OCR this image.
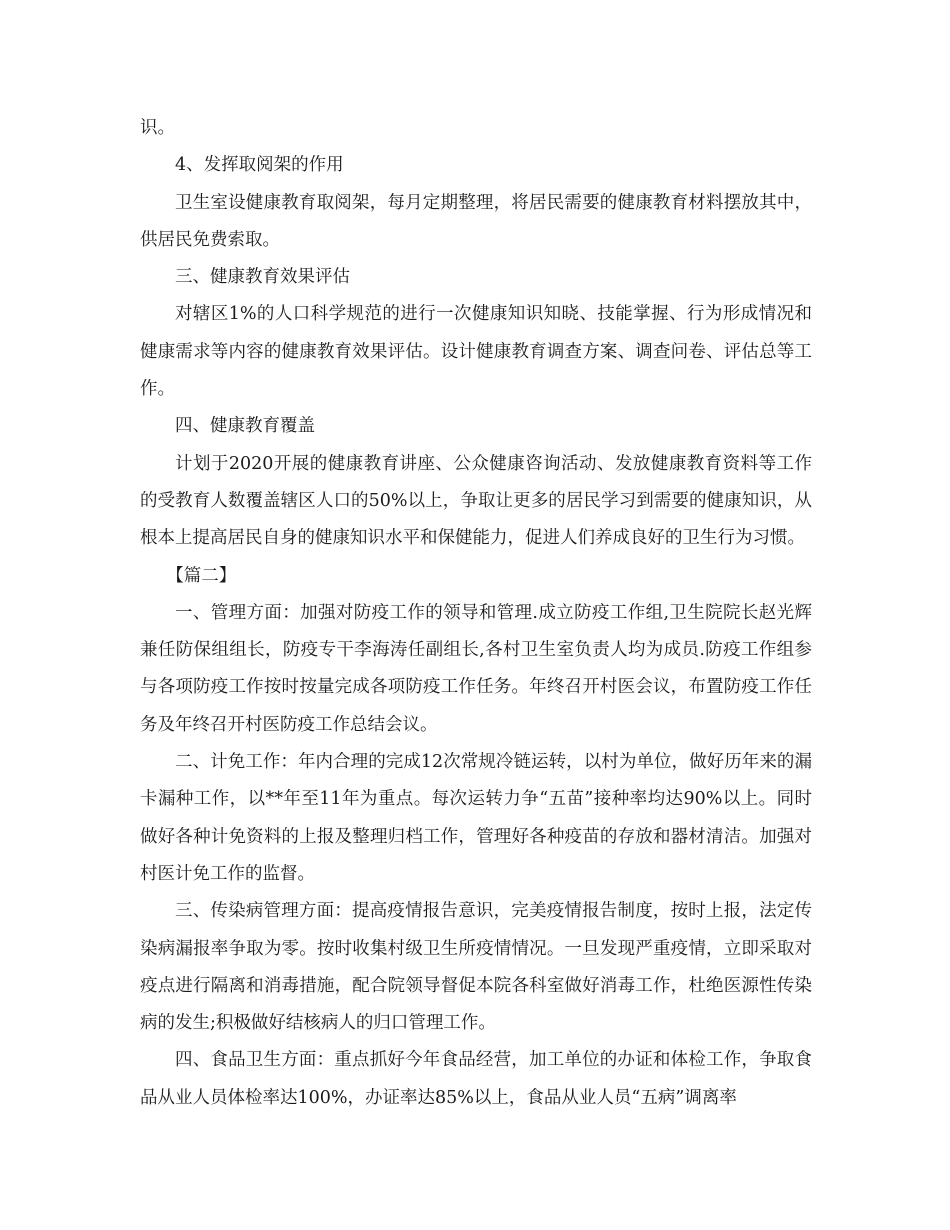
识。

4、发挥取阅架的作用

卫生室设健康教育取阅架，每月定期整理，将居民需要的健康教育材料摆放其中，供居民免费索取。

三、健康教育效果评估

对辖区1%的人口科学规范的进行一次健康知识知晓、技能掌握、行为形成情况和健康需求等内容的健康教育效果评估。设计健康教育调查方案、调查问卷、评估总等工作。

四、健康教育覆盖

计划于2020开展的健康教育讲座、公众健康咨询活动、发放健康教育资料等工作的受教育人数覆盖辖区人口的50%以上，争取让更多的居民学习到需要的健康知识，从根本上提高居民自身的健康知识水平和保健能力，促进人们养成良好的卫生行为习惯。

【篇二】

一、管理方面：加强对防疫工作的领导和管理.成立防疫工作组,卫生院院长赵光辉兼任防保组组长，防疫专干李海涛任副组长,各村卫生室负责人均为成员.防疫工作组参与各项防疫工作按时按量完成各项防疫工作任务。年终召开村医会议，布置防疫工作任务及年终召开村医防疫工作总结会议。

二、计免工作：年内合理的完成12次常规冷链运转，以村为单位，做好历年来的漏卡漏种工作，以**年至11年为重点。每次运转力争“五苗”接种率均达90%以上。同时做好各种计免资料的上报及整理归档工作，管理好各种疫苗的存放和器材清洁。加强对村医计免工作的监督。

三、传染病管理方面：提高疫情报告意识，完美疫情报告制度，按时上报，法定传染病漏报率争取为零。按时收集村级卫生所疫情情况。一旦发现严重疫情，立即采取对疫点进行隔离和消毒措施，配合院领导督促本院各科室做好消毒工作，杜绝医源性传染病的发生;积极做好结核病人的归口管理工作。

四、食品卫生方面：重点抓好今年食品经营，加工单位的办证和体检工作，争取食品从业人员体检率达100%，办证率达85%以上，食品从业人员“五病”调离率
